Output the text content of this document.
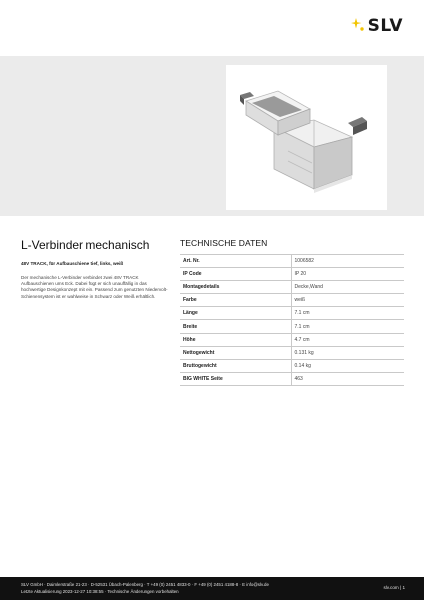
SLV
L-Verbinder mechanisch
48V TRACK, für Aufbauschiene tief, links, weiß
Der mechanische L-Verbinder verbindet zwei 48V TRACK Aufbauschienen ums Eck. Dabei fügt er sich unauffällig in das hochwertige Designkonzept mit ein. Passend zum genutzten Niedervolt-Schienensystem ist er wahlweise in Schwarz oder Weiß erhältlich.
TECHNISCHE DATEN
Art. Nr.	1006582
IP Code	IP 20
Montagedetails	Decke,Wand
Farbe	weiß
Länge	7.1 cm
Breite	7.1 cm
Höhe	4.7 cm
Nettogewicht	0.131 kg
Bruttogewicht	0.14 kg
BIG WHITE Seite	463
SLV GmbH · Daimlerstraße 21-23 · D-52531 Übach-Palenberg · T +49 (0) 2451 4833-0 · F +49 (0) 2451 4188-8 · E info@slv.de
Letzte Aktualisierung 2023-12-27 10:38:55 · Technische Änderungen vorbehalten
slv.com | 1
